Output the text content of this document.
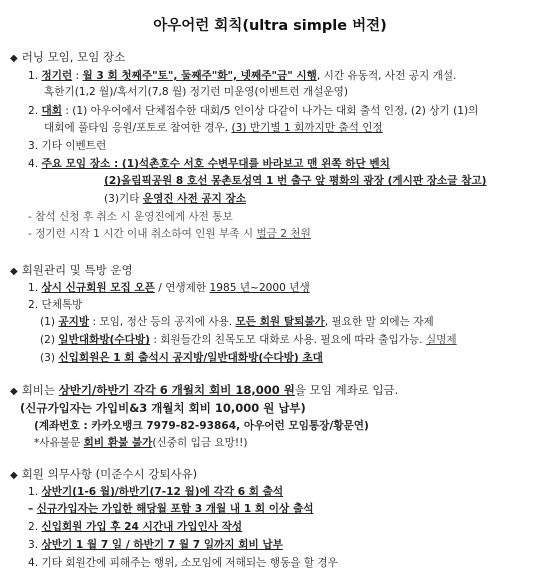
아우어런 회칙(ultra simple 버젼)
◆ 러닝 모임, 모임 장소
1. 정기런 : 월 3 회 첫째주"토", 둘째주"화", 넷째주"금" 시행, 시간 유동적, 사전 공지 개설.
혹한기(1,2 월)/혹서기(7,8 월) 정기런 미운영(이벤트런 개설운영)
2. 대회 : (1) 아우어에서 단체접수한 대회/5 인이상 다같이 나가는 대회 출석 인정, (2) 상기 (1)의
대회에 풀타임 응원/포토로 참여한 경우, (3) 반기별 1 회까지만 출석 인정
3. 기타 이벤트런
4. 주요 모임 장소 : (1)석촌호수 서호 수변무대를 바라보고 맨 왼쪽 하단 벤치
(2)올림픽공원 8 호선 몽촌토성역 1 번 출구 앞 평화의 광장 (게시판 장소글 참고)
(3)기타 운영진 사전 공지 장소
- 참석 신청 후 취소 시 운영진에게 사전 통보
- 정기런 시작 1 시간 이내 취소하여 인원 부족 시 벌금 2 천원
◆ 회원관리 및 특방 운영
1. 상시 신규회원 모집 오픈 / 연생제한 1985 년~2000 년생
2. 단체톡방
(1) 공지방 : 모임, 정산 등의 공지에 사용. 모든 회원 탈퇴불가, 필요한 말 외에는 자제
(2) 일반대화방(수다방) : 회원들간의 친목도모 대화로 사용. 필요에 따라 출입가능. 실명제
(3) 신입회원은 1 회 출석시 공지방/일반대화방(수다방) 초대
◆ 회비는 상반기/하반기 각각 6 개월치 회비 18,000 원을 모임 계좌로 입금.
(신규가입자는 가입비&3 개월치 회비 10,000 원 납부)
(계좌번호 : 카카오뱅크 7979-82-93864, 아우어런 모임통장/황문연)
*사유불문 회비 환불 불가(신중히 입금 요망!!)
◆ 회원 의무사항 (미준수시 강퇴사유)
1. 상반기(1-6 월)/하반기(7-12 월)에 각각 6 회 출석
– 신규가입자는 가입한 해당월 포함 3 개월 내 1 회 이상 출석
2. 신입회원 가입 후 24 시간내 가입인사 작성
3. 상반기 1 월 7 일 / 하반기 7 월 7 일까지 회비 납부
4. 기타 회원간에 피해주는 행위, 소모임에 저해되는 행동을 할 경우
